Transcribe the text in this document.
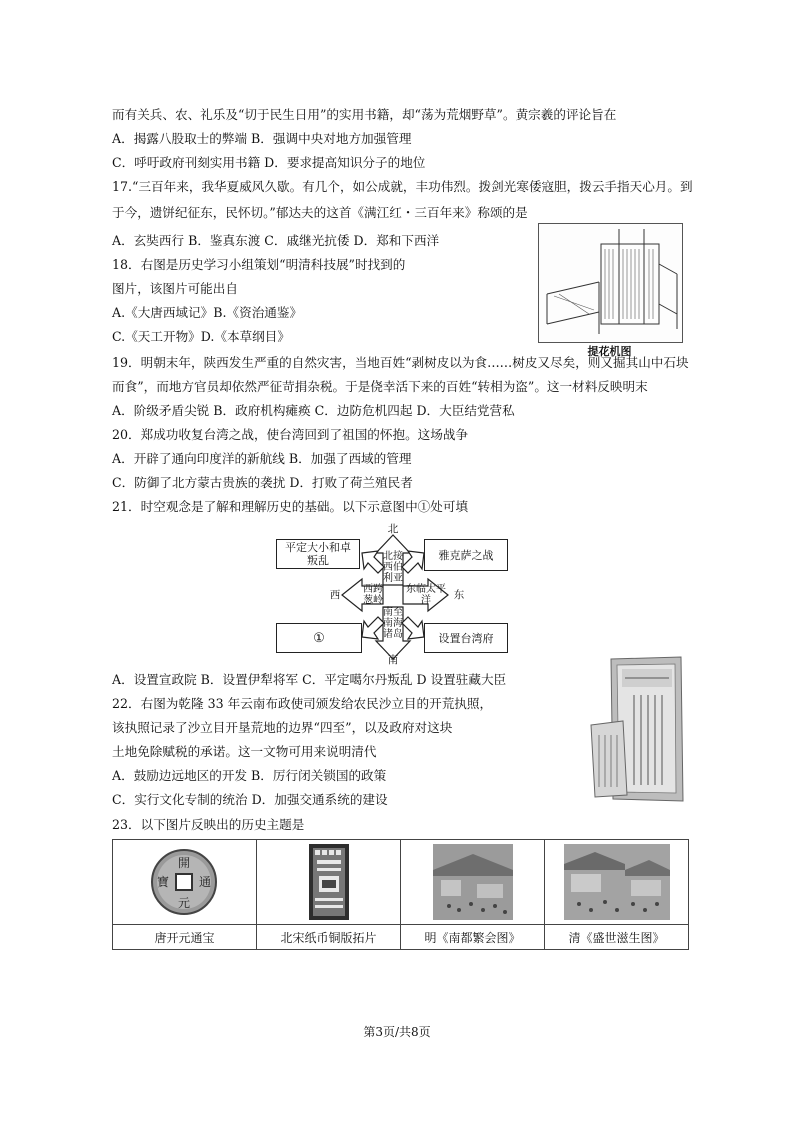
而有关兵、农、礼乐及“切于民生日用”的实用书籍，却“荡为荒烟野草”。黄宗羲的评论旨在
A．揭露八股取士的弊端 B．强调中央对地方加强管理
C．呼吁政府刊刻实用书籍 D．要求提高知识分子的地位
17.“三百年来，我华夏威风久歇。有几个，如公成就，丰功伟烈。拨剑光寒倭寇胆，拨云手指天心月。到
于今，遗饼纪征东，民怀切。”郁达夫的这首《满江红・三百年来》称颂的是
A．玄奘西行 B．鉴真东渡 C．戚继光抗倭 D．郑和下西洋
18．右图是历史学习小组策划“明清科技展”时找到的
图片，该图片可能出自
A.《大唐西域记》B.《资治通鉴》
C.《天工开物》D.《本草纲目》
19．明朝末年，陕西发生严重的自然灾害，当地百姓“剥树皮以为食……树皮又尽矣，则又掘其山中石块
而食”，而地方官员却依然严征苛捐杂税。于是侥幸活下来的百姓“转相为盗”。这一材料反映明末
A．阶级矛盾尖锐 B．政府机构瘫痪 C．边防危机四起 D．大臣结党营私
20．郑成功收复台湾之战，使台湾回到了祖国的怀抱。这场战争
A．开辟了通向印度洋的新航线 B．加强了西域的管理
C．防御了北方蒙古贵族的袭扰 D．打败了荷兰殖民者
21．时空观念是了解和理解历史的基础。以下示意图中①处可填
A．设置宣政院 B．设置伊犁将军 C．平定噶尔丹叛乱 D 设置驻藏大臣
22．右图为乾隆 33 年云南布政使司颁发给农民沙立目的开荒执照，
该执照记录了沙立目开垦荒地的边界“四至”，以及政府对这块
土地免除赋税的承诺。这一文物可用来说明清代
A．鼓励边远地区的开发 B．厉行闭关锁国的政策
C．实行文化专制的统治 D．加强交通系统的建设
23．以下图片反映出的历史主题是
提花机图
北
南
西	东
北接西伯利亚
南至南海诸岛
西跨葱岭
东临太平洋
平定大小和卓叛乱	雅克萨之战
①	设置台湾府
開
元
通
寶

唐开元通宝	北宋纸币铜版拓片	明《南都繁会图》	清《盛世滋生图》
第3页/共8页
